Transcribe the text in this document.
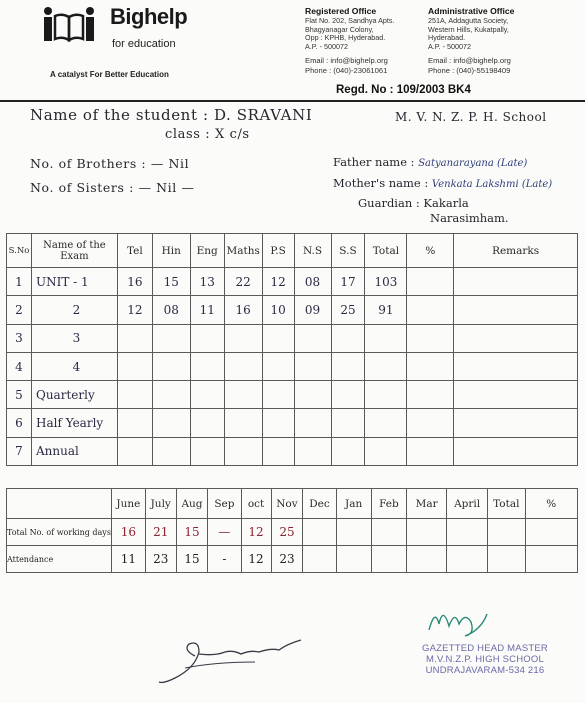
Bighelp
for education
A catalyst For Better Education
Registered Office
Flat No. 202, Sandhya Apts.
Bhagyanagar Colony,
Opp : KPHB, Hyderabad.
A.P. - 500072
Email : info@bighelp.org
Phone : (040)-23061061
Administrative Office
251A, Addagutta Society,
Western Hills, Kukatpally,
Hyderabad.
A.P. - 500072
Email : info@bighelp.org
Phone : (040)-55198409
Regd. No : 109/2003 BK4
Name of the student : D. SRAVANI	M. V. N. Z. P. H. School
class : X c/s
No. of Brothers : — Nil
No. of Sisters : — Nil —
Father name : Satyanarayana (Late)
Mother's name : Venkata Lakshmi (Late)
Guardian : Kakarla
Narasimham.
S.No	Name of the Exam	Tel	Hin	Eng	Maths	P.S	N.S	S.S	Total	%	Remarks
1	UNIT - 1	16	15	13	22	12	08	17	103		
2	2	12	08	11	16	10	09	25	91		
3	3										
4	4										
5	Quarterly										
6	Half Yearly										
7	Annual										
	June	July	Aug	Sep	oct	Nov	Dec	Jan	Feb	Mar	April	Total	%
Total No. of working days	16	21	15	—	12	25							
Attendance	11	23	15	-	12	23							
GAZETTED HEAD MASTER
M.V.N.Z.P. HIGH SCHOOL
UNDRAJAVARAM-534 216
